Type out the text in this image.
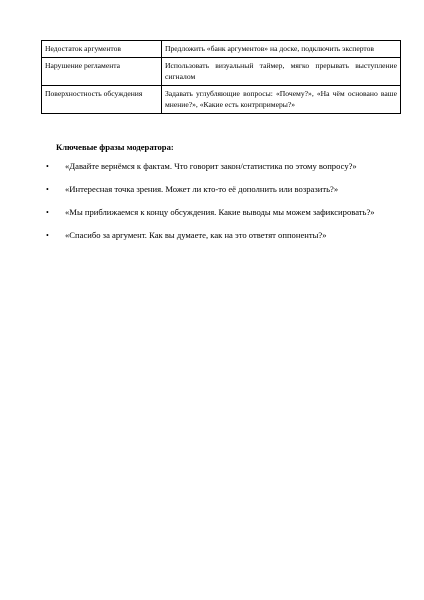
Недостаток аргументов	Предложить «банк аргументов» на доске, подключить экспертов
Нарушение регламента	Использовать визуальный таймер, мягко прерывать выступление сигналом
Поверхностность обсуждения	Задавать углубляющие вопросы: «Почему?», «На чём основано ваше мнение?», «Какие есть контрпримеры?»

Ключевые фразы модератора:

• «Давайте вернёмся к фактам. Что говорит закон/статистика по этому вопросу?»
• «Интересная точка зрения. Может ли кто-то её дополнить или возразить?»
• «Мы приближаемся к концу обсуждения. Какие выводы мы можем зафиксировать?»
• «Спасибо за аргумент. Как вы думаете, как на это ответят оппоненты?»
